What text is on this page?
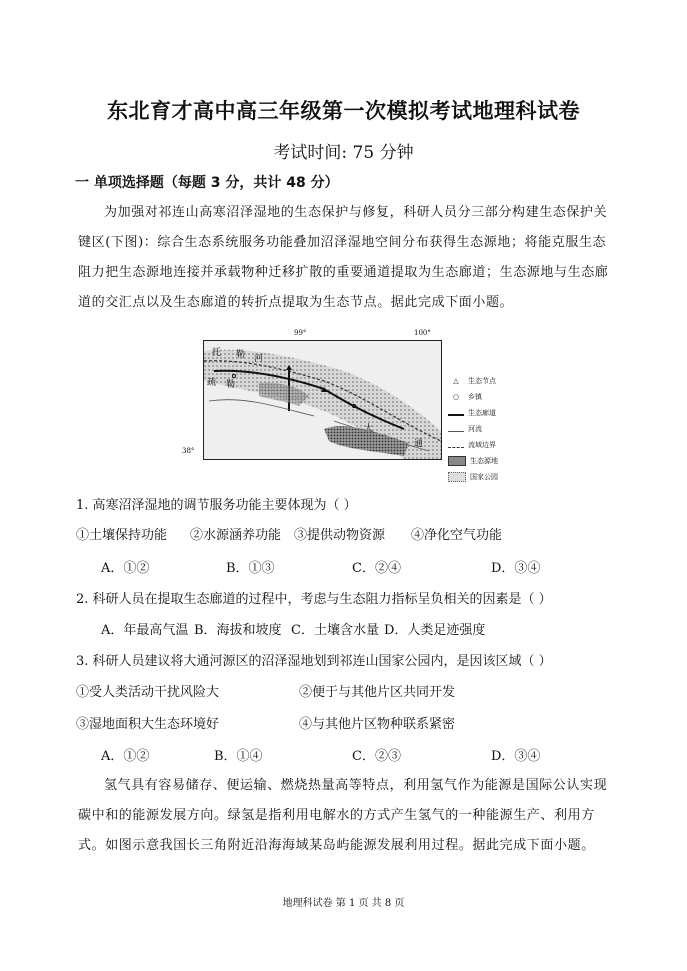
东北育才高中高三年级第一次模拟考试地理科试卷
考试时间: 75 分钟
一 单项选择题（每题 3 分，共计 48 分）
为加强对祁连山高寒沼泽湿地的生态保护与修复，科研人员分三部分构建生态保护关键区(下图)：综合生态系统服务功能叠加沼泽湿地空间分布获得生态源地；将能克服生态阻力把生态源地连接并承载物种迁移扩散的重要通道提取为生态廊道；生态源地与生态廊道的交汇点以及生态廊道的转折点提取为生态节点。据此完成下面小题。
99°	100°
38°
托 勒 河
疏 勒
大
通
△	生态节点
○	乡镇
生态廊道
河流
流域边界
生态源地
国家公园
1. 高寒沼泽湿地的调节服务功能主要体现为（ ）
①土壤保持功能 ②水源涵养功能 ③提供动物资源 ④净化空气功能
A．①②	B．①③	C．②④	D．③④
2. 科研人员在提取生态廊道的过程中，考虑与生态阻力指标呈负相关的因素是（ ）
A．年最高气温 B．海拔和坡度 C．土壤含水量 D．人类足迹强度
3. 科研人员建议将大通河源区的沼泽湿地划到祁连山国家公园内，是因该区域（ ）
①受人类活动干扰风险大	②便于与其他片区共同开发
③湿地面积大生态环境好	④与其他片区物种联系紧密
A．①②	B．①④	C．②③	D．③④
氢气具有容易储存、便运输、燃烧热量高等特点，利用氢气作为能源是国际公认实现碳中和的能源发展方向。绿氢是指利用电解水的方式产生氢气的一种能源生产、利用方式。如图示意我国长三角附近沿海海域某岛屿能源发展利用过程。据此完成下面小题。
地理科试卷 第 1 页 共 8 页
